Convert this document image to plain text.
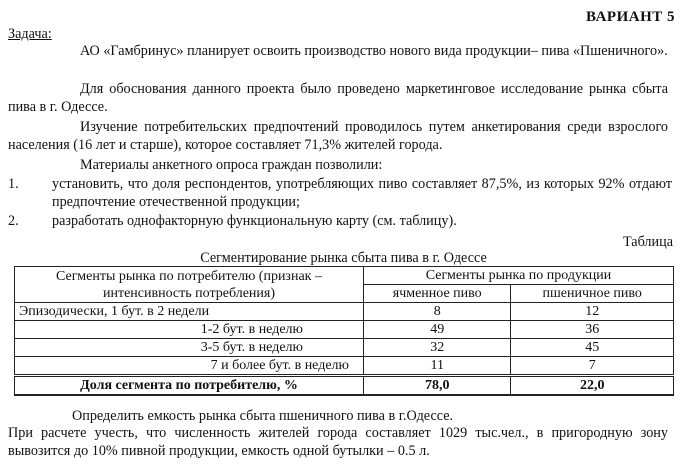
ВАРИАНТ 5
Задача:
АО «Гамбринус» планирует освоить производство нового вида продукции– пива «Пшеничного».
Для обоснования данного проекта было проведено маркетинговое исследование рынка сбыта пива в г. Одессе.
Изучение потребительских предпочтений проводилось путем анкетирования среди взрослого населения (16 лет и старше), которое составляет 71,3% жителей города.
Материалы анкетного опроса граждан позволили:
1. установить, что доля респондентов, употребляющих пиво составляет 87,5%, из которых 92% отдают предпочтение отечественной продукции;
2. разработать однофакторную функциональную карту (см. таблицу).
Таблица
Сегментирование рынка сбыта пива в г. Одессе
Сегменты рынка по потребителю (признак – интенсивность потребления)	Сегменты рынка по продукции	
	ячменное пиво	пшеничное пиво
Эпизодически, 1 бут. в 2 недели	8	12
1-2 бут. в неделю	49	36
3-5 бут. в неделю	32	45
7 и более бут. в неделю	11	7
Доля сегмента по потребителю, %	78,0	22,0
Определить емкость рынка сбыта пшеничного пива в г.Одессе.
При расчете учесть, что численность жителей города составляет 1029 тыс.чел., в пригородную зону вывозится до 10% пивной продукции, емкость одной бутылки – 0.5 л.
